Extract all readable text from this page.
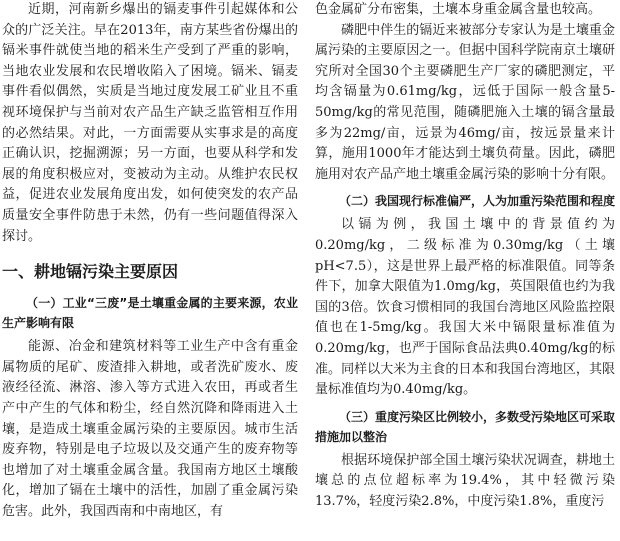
近期，河南新乡爆出的镉麦事件引起媒体和公众的广泛关注。早在2013年，南方某些省份爆出的镉米事件就使当地的稻米生产受到了严重的影响，当地农业发展和农民增收陷入了困境。镉米、镉麦事件看似偶然，实质是当地过度发展工矿业且不重视环境保护与当前对农产品生产缺乏监管相互作用的必然结果。对此，一方面需要从实事求是的高度正确认识，挖掘溯源；另一方面，也要从科学和发展的角度积极应对，变被动为主动。从维护农民权益，促进农业发展角度出发，如何使突发的农产品质量安全事件防患于未然，仍有一些问题值得深入探讨。

一、耕地镉污染主要原因
（一）工业“三废”是土壤重金属的主要来源，农业生产影响有限

能源、冶金和建筑材料等工业生产中含有重金属物质的尾矿、废渣排入耕地，或者洗矿废水、废液经径流、淋溶、渗入等方式进入农田，再或者生产中产生的气体和粉尘，经自然沉降和降雨进入土壤，是造成土壤重金属污染的主要原因。城市生活废弃物，特别是电子垃圾以及交通产生的废弃物等也增加了对土壤重金属含量。我国南方地区土壤酸化，增加了镉在土壤中的活性，加剧了重金属污染危害。此外，我国西南和中南地区，有

色金属矿分布密集，土壤本身重金属含量也较高。

磷肥中伴生的镉近来被部分专家认为是土壤重金属污染的主要原因之一。但据中国科学院南京土壤研究所对全国30个主要磷肥生产厂家的磷肥测定，平均含镉量为0.61mg/kg，远低于国际一般含量5-50mg/kg的常见范围，随磷肥施入土壤的镉含量最多为22mg/亩，远景为46mg/亩，按远景量来计算，施用1000年才能达到土壤负荷量。因此，磷肥施用对农产品产地土壤重金属污染的影响十分有限。

（二）我国现行标准偏严，人为加重污染范围和程度

以镉为例，我国土壤中的背景值约为0.20mg/kg，二级标准为0.30mg/kg（土壤pH<7.5），这是世界上最严格的标准限值。同等条件下，加拿大限值为1.0mg/kg，英国限值也约为我国的3倍。饮食习惯相同的我国台湾地区风险监控限值也在1-5mg/kg。我国大米中镉限量标准值为0.20mg/kg，也严于国际食品法典0.40mg/kg的标准。同样以大米为主食的日本和我国台湾地区，其限量标准值均为0.40mg/kg。

（三）重度污染区比例较小，多数受污染地区可采取措施加以整治

根据环境保护部全国土壤污染状况调查，耕地土壤总的点位超标率为19.4%，其中轻微污染13.7%，轻度污染2.8%，中度污染1.8%，重度污
